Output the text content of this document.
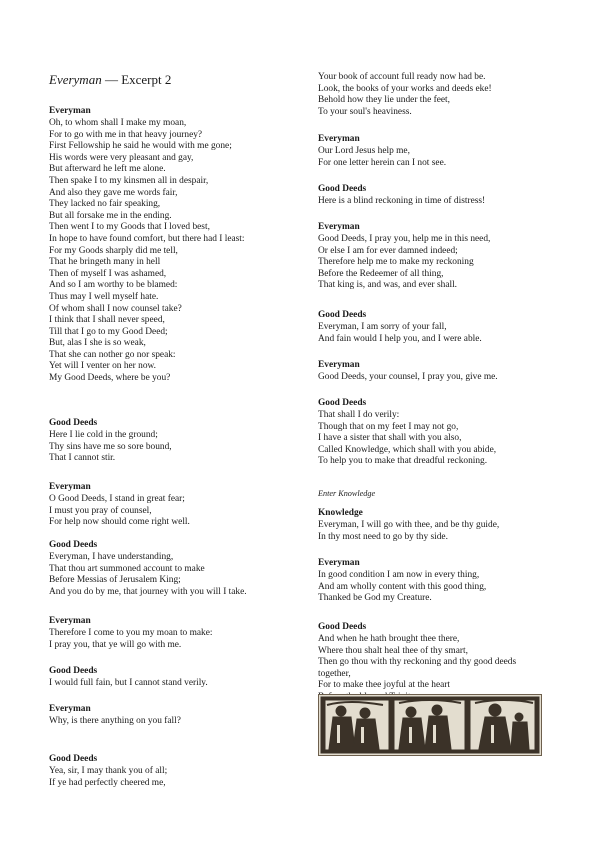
Everyman — Excerpt 2
Everyman
Oh, to whom shall I make my moan,
For to go with me in that heavy journey?
First Fellowship he said he would with me gone;
His words were very pleasant and gay,
But afterward he left me alone.
Then spake I to my kinsmen all in despair,
And also they gave me words fair,
They lacked no fair speaking,
But all forsake me in the ending.
Then went I to my Goods that I loved best,
In hope to have found comfort, but there had I least:
For my Goods sharply did me tell,
That he bringeth many in hell
Then of myself I was ashamed,
And so I am worthy to be blamed:
Thus may I well myself hate.
Of whom shall I now counsel take?
I think that I shall never speed,
Till that I go to my Good Deed;
But, alas I she is so weak,
That she can nother go nor speak:
Yet will I venter on her now.
My Good Deeds, where be you?
Good Deeds
Here I lie cold in the ground;
Thy sins have me so sore bound,
That I cannot stir.
Everyman
O Good Deeds, I stand in great fear;
I must you pray of counsel,
For help now should come right well.
Good Deeds
Everyman, I have understanding,
That thou art summoned account to make
Before Messias of Jerusalem King;
And you do by me, that journey with you will I take.
Everyman
Therefore I come to you my moan to make:
I pray you, that ye will go with me.
Good Deeds
I would full fain, but I cannot stand verily.
Everyman
Why, is there anything on you fall?
Good Deeds
Yea, sir, I may thank you of all;
If ye had perfectly cheered me,
Your book of account full ready now had be.
Look, the books of your works and deeds eke!
Behold how they lie under the feet,
To your soul's heaviness.
Everyman
Our Lord Jesus help me,
For one letter herein can I not see.
Good Deeds
Here is a blind reckoning in time of distress!
Everyman
Good Deeds, I pray you, help me in this need,
Or else I am for ever damned indeed;
Therefore help me to make my reckoning
Before the Redeemer of all thing,
That king is, and was, and ever shall.
Good Deeds
Everyman, I am sorry of your fall,
And fain would I help you, and I were able.
Everyman
Good Deeds, your counsel, I pray you, give me.
Good Deeds
That shall I do verily:
Though that on my feet I may not go,
I have a sister that shall with you also,
Called Knowledge, which shall with you abide,
To help you to make that dreadful reckoning.
Enter Knowledge
Knowledge
Everyman, I will go with thee, and be thy guide,
In thy most need to go by thy side.
Everyman
In good condition I am now in every thing,
And am wholly content with this good thing,
Thanked be God my Creature.
Good Deeds
And when he hath brought thee there,
Where thou shalt heal thee of thy smart,
Then go thou with thy reckoning and thy good deeds
together,
For to make thee joyful at the heart
